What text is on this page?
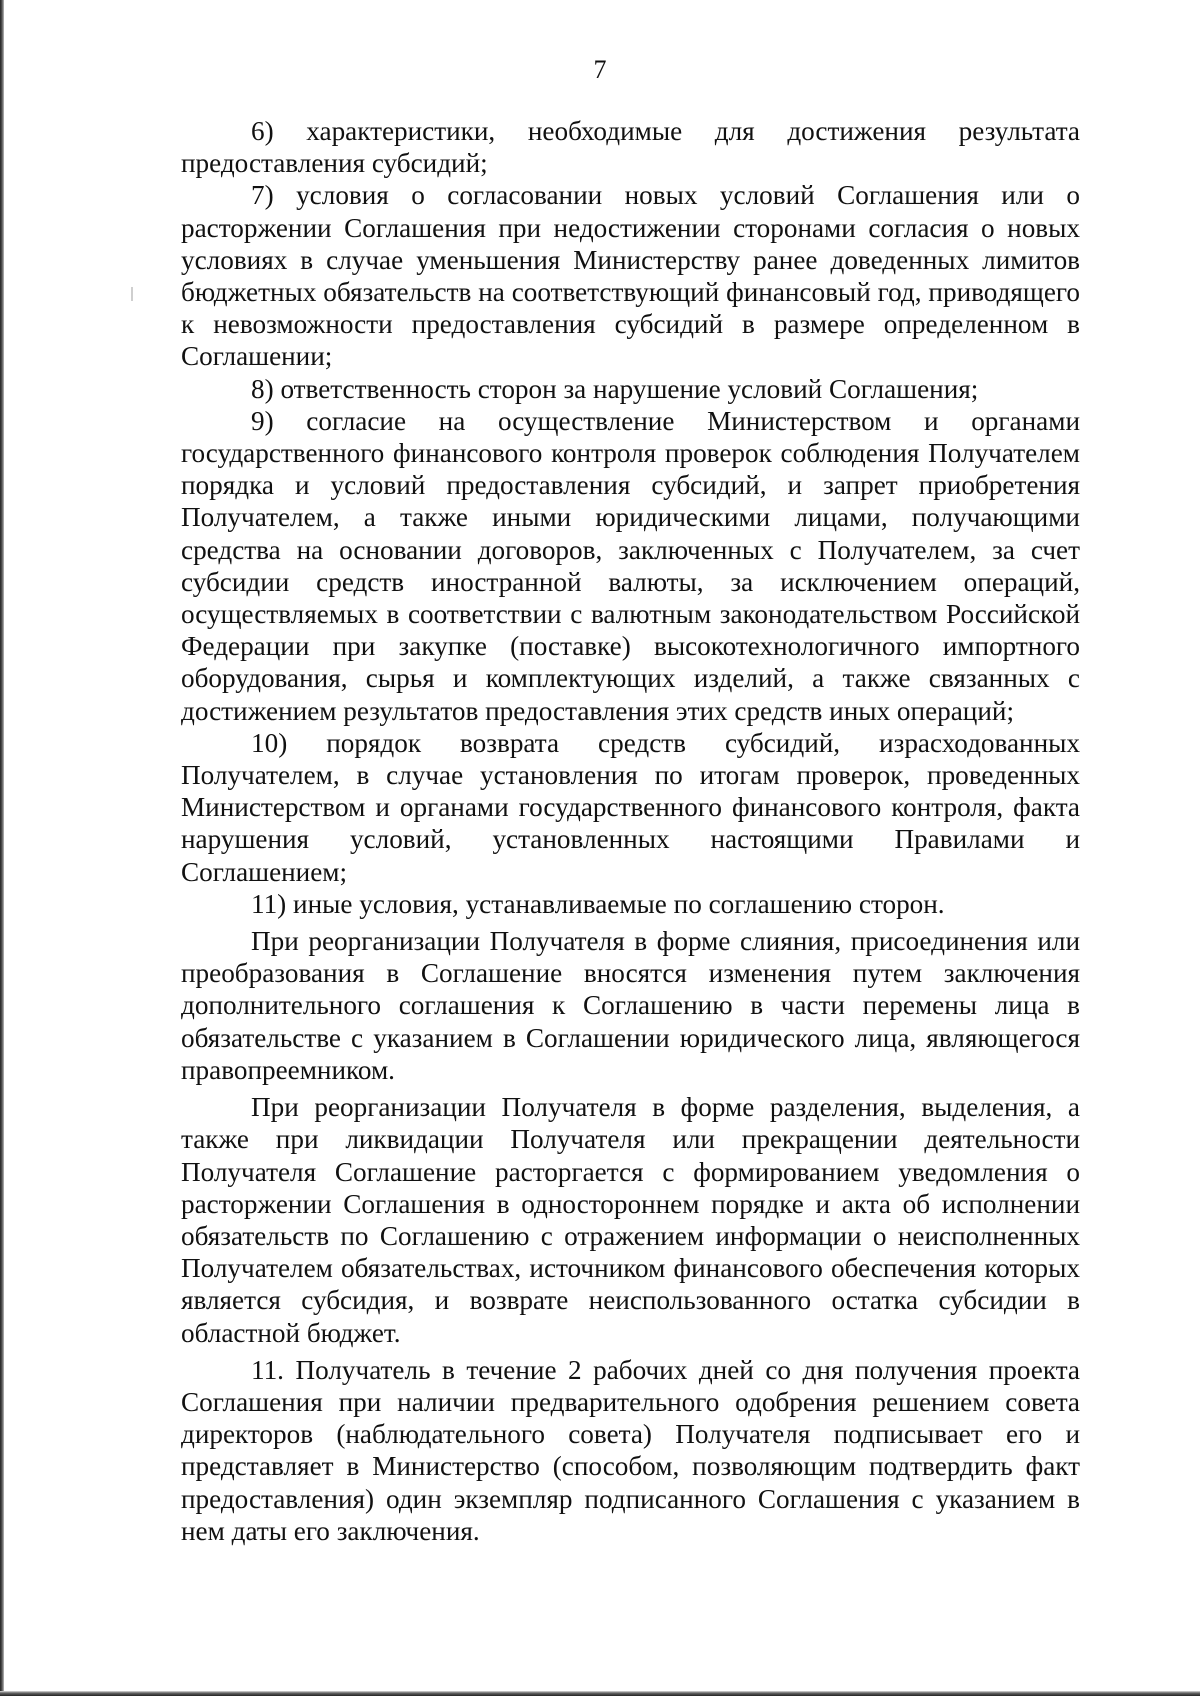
7

6) характеристики, необходимые для достижения результата предоставления субсидий;

7) условия о согласовании новых условий Соглашения или о расторжении Соглашения при недостижении сторонами согласия о новых условиях в случае уменьшения Министерству ранее доведенных лимитов бюджетных обязательств на соответствующий финансовый год, приводящего к невозможности предоставления субсидий в размере определенном в Соглашении;

8) ответственность сторон за нарушение условий Соглашения;

9) согласие на осуществление Министерством и органами государственного финансового контроля проверок соблюдения Получателем порядка и условий предоставления субсидий, и запрет приобретения Получателем, а также иными юридическими лицами, получающими средства на основании договоров, заключенных с Получателем, за счет субсидии средств иностранной валюты, за исключением операций, осуществляемых в соответствии с валютным законодательством Российской Федерации при закупке (поставке) высокотехнологичного импортного оборудования, сырья и комплектующих изделий, а также связанных с достижением результатов предоставления этих средств иных операций;

10) порядок возврата средств субсидий, израсходованных Получателем, в случае установления по итогам проверок, проведенных Министерством и органами государственного финансового контроля, факта нарушения условий, установленных настоящими Правилами и Соглашением;

11) иные условия, устанавливаемые по соглашению сторон.

При реорганизации Получателя в форме слияния, присоединения или преобразования в Соглашение вносятся изменения путем заключения дополнительного соглашения к Соглашению в части перемены лица в обязательстве с указанием в Соглашении юридического лица, являющегося правопреемником.

При реорганизации Получателя в форме разделения, выделения, а также при ликвидации Получателя или прекращении деятельности Получателя Соглашение расторгается с формированием уведомления о расторжении Соглашения в одностороннем порядке и акта об исполнении обязательств по Соглашению с отражением информации о неисполненных Получателем обязательствах, источником финансового обеспечения которых является субсидия, и возврате неиспользованного остатка субсидии в областной бюджет.

11. Получатель в течение 2 рабочих дней со дня получения проекта Соглашения при наличии предварительного одобрения решением совета директоров (наблюдательного совета) Получателя подписывает его и представляет в Министерство (способом, позволяющим подтвердить факт предоставления) один экземпляр подписанного Соглашения с указанием в нем даты его заключения.
